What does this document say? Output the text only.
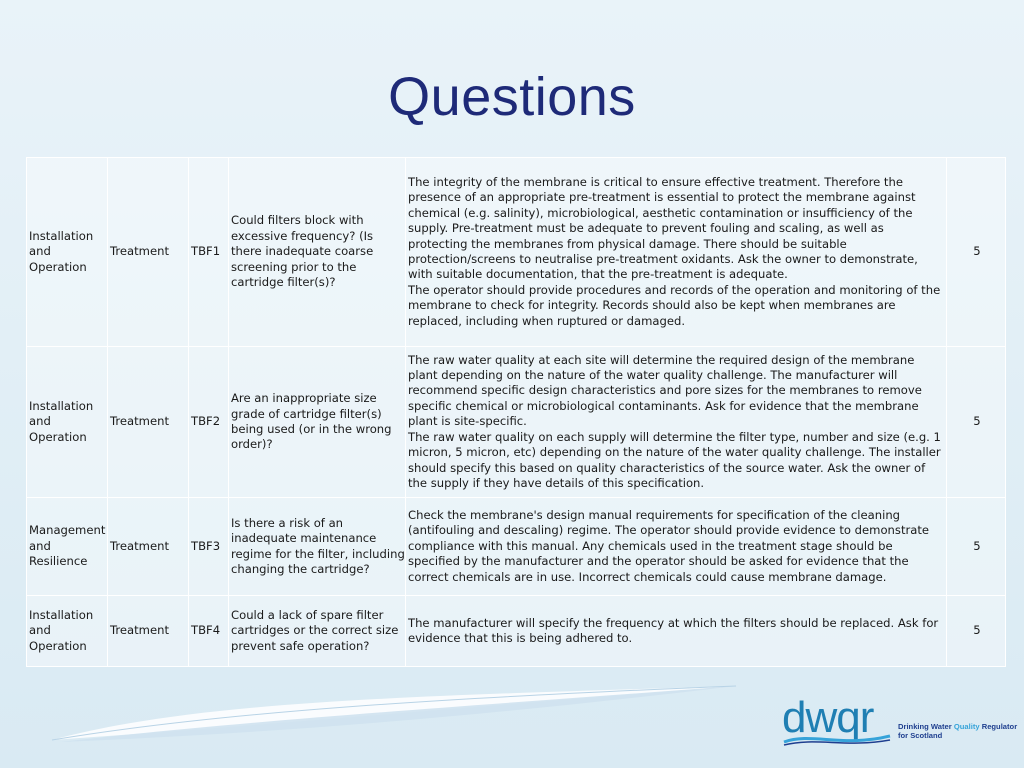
Questions
Installation and Operation	Treatment	TBF1	Could filters block with excessive frequency? (Is there inadequate coarse screening prior to the cartridge filter(s)?	The integrity of the membrane is critical to ensure effective treatment. Therefore the presence of an appropriate pre-treatment is essential to protect the membrane against chemical (e.g. salinity), microbiological, aesthetic contamination or insufficiency of the supply. Pre-treatment must be adequate to prevent fouling and scaling, as well as protecting the membranes from physical damage. There should be suitable protection/screens to neutralise pre-treatment oxidants. Ask the owner to demonstrate, with suitable documentation, that the pre-treatment is adequate.
The operator should provide procedures and records of the operation and monitoring of the membrane to check for integrity. Records should also be kept when membranes are replaced, including when ruptured or damaged.	5
Installation and Operation	Treatment	TBF2	Are an inappropriate size grade of cartridge filter(s) being used (or in the wrong order)?	The raw water quality at each site will determine the required design of the membrane plant depending on the nature of the water quality challenge. The manufacturer will recommend specific design characteristics and pore sizes for the membranes to remove specific chemical or microbiological contaminants. Ask for evidence that the membrane plant is site-specific.
The raw water quality on each supply will determine the filter type, number and size (e.g. 1 micron, 5 micron, etc) depending on the nature of the water quality challenge. The installer should specify this based on quality characteristics of the source water. Ask the owner of the supply if they have details of this specification.	5
Management and Resilience	Treatment	TBF3	Is there a risk of an inadequate maintenance regime for the filter, including changing the cartridge?	Check the membrane's design manual requirements for specification of the cleaning (antifouling and descaling) regime. The operator should provide evidence to demonstrate compliance with this manual. Any chemicals used in the treatment stage should be specified by the manufacturer and the operator should be asked for evidence that the correct chemicals are in use. Incorrect chemicals could cause membrane damage.	5
Installation and Operation	Treatment	TBF4	Could a lack of spare filter cartridges or the correct size prevent safe operation?	The manufacturer will specify the frequency at which the filters should be replaced. Ask for evidence that this is being adhered to.	5
dwqr	Drinking Water Quality Regulator
for Scotland
